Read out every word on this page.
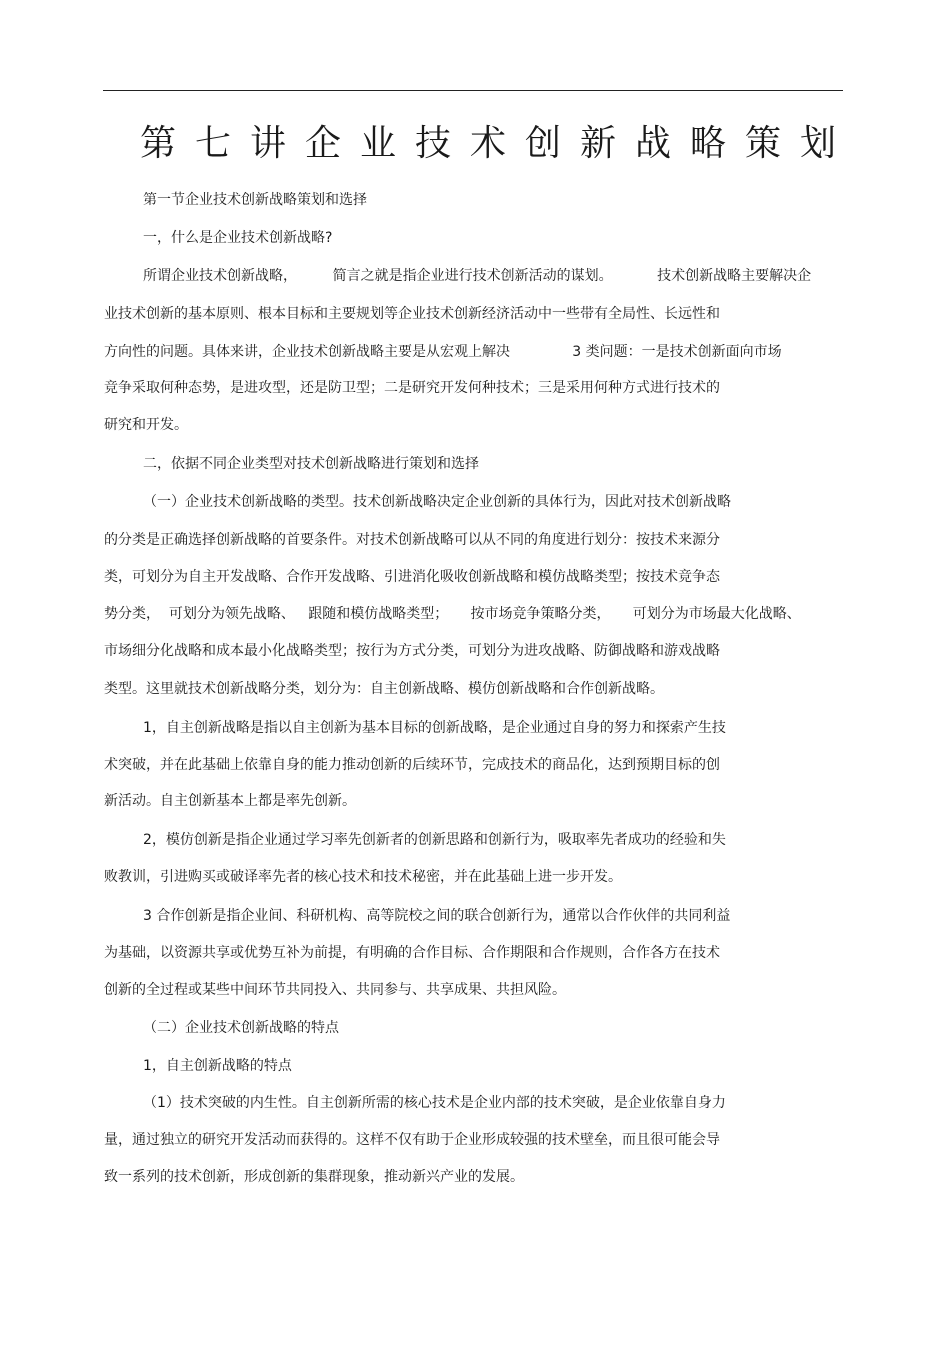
第七讲企业技术创新战略策划

第一节企业技术创新战略策划和选择

一，什么是企业技术创新战略?

所谓企业技术创新战略，        简言之就是指企业进行技术创新活动的谋划。          技术创新战略主要解决企

业技术创新的基本原则、根本目标和主要规划等企业技术创新经济活动中一些带有全局性、长远性和

方向性的问题。具体来讲，企业技术创新战略主要是从宏观上解决              3 类问题：一是技术创新面向市场

竞争采取何种态势，是进攻型，还是防卫型；二是研究开发何种技术；三是采用何种方式进行技术的

研究和开发。

二，依据不同企业类型对技术创新战略进行策划和选择

（一）企业技术创新战略的类型。技术创新战略决定企业创新的具体行为，因此对技术创新战略

的分类是正确选择创新战略的首要条件。对技术创新战略可以从不同的角度进行划分：按技术来源分

类，可划分为自主开发战略、合作开发战略、引进消化吸收创新战略和模仿战略类型；按技术竞争态

势分类，  可划分为领先战略、   跟随和模仿战略类型；     按市场竞争策略分类，     可划分为市场最大化战略、

市场细分化战略和成本最小化战略类型；按行为方式分类，可划分为进攻战略、防御战略和游戏战略

类型。这里就技术创新战略分类，划分为：自主创新战略、模仿创新战略和合作创新战略。

1，自主创新战略是指以自主创新为基本目标的创新战略，是企业通过自身的努力和探索产生技

术突破，并在此基础上依靠自身的能力推动创新的后续环节，完成技术的商品化，达到预期目标的创

新活动。自主创新基本上都是率先创新。

2，模仿创新是指企业通过学习率先创新者的创新思路和创新行为，吸取率先者成功的经验和失

败教训，引进购买或破译率先者的核心技术和技术秘密，并在此基础上进一步开发。

3 合作创新是指企业间、科研机构、高等院校之间的联合创新行为，通常以合作伙伴的共同利益

为基础，以资源共享或优势互补为前提，有明确的合作目标、合作期限和合作规则，合作各方在技术

创新的全过程或某些中间环节共同投入、共同参与、共享成果、共担风险。

（二）企业技术创新战略的特点

1，自主创新战略的特点

（1）技术突破的内生性。自主创新所需的核心技术是企业内部的技术突破，是企业依靠自身力

量，通过独立的研究开发活动而获得的。这样不仅有助于企业形成较强的技术壁垒，而且很可能会导

致一系列的技术创新，形成创新的集群现象，推动新兴产业的发展。
